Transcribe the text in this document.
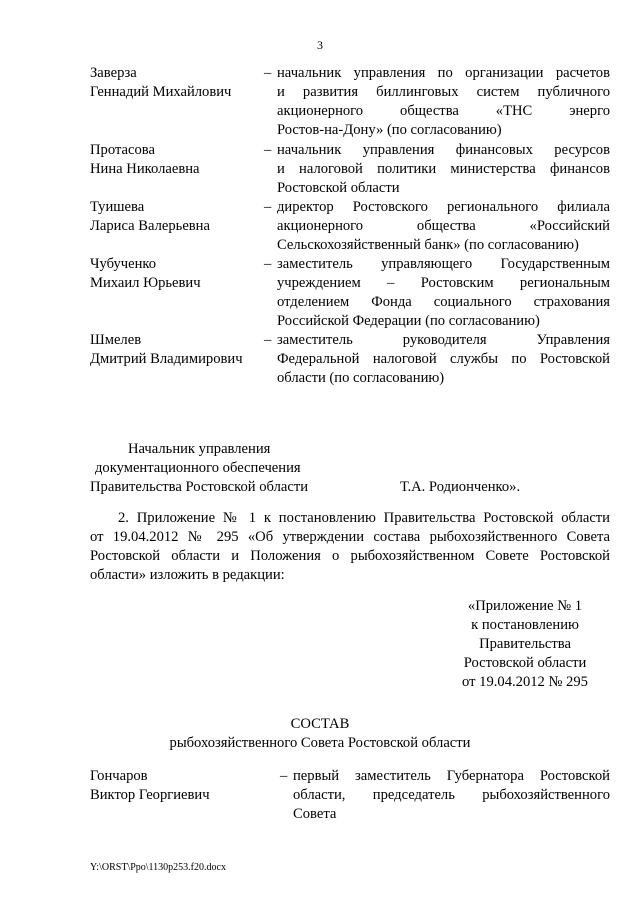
3
Заверза
Геннадий Михайлович
– начальник управления по организации расчетов
и развития биллинговых систем публичного
акционерного общества «ТНС энерго
Ростов-на-Дону» (по согласованию)
Протасова
Нина Николаевна
– начальник управления финансовых ресурсов
и налоговой политики министерства финансов
Ростовской области
Туишева
Лариса Валерьевна
– директор Ростовского регионального филиала
акционерного общества «Российский
Сельскохозяйственный банк» (по согласованию)
Чубученко
Михаил Юрьевич
– заместитель управляющего Государственным
учреждением – Ростовским региональным
отделением Фонда социального страхования
Российской Федерации (по согласованию)
Шмелев
Дмитрий Владимирович
– заместитель руководителя Управления
Федеральной налоговой службы по Ростовской
области (по согласованию)
Начальник управления
документационного обеспечения
Правительства Ростовской области	Т.А. Родионченко».
2. Приложение № 1 к постановлению Правительства Ростовской области
от 19.04.2012 № 295 «Об утверждении состава рыбохозяйственного Совета
Ростовской области и Положения о рыбохозяйственном Совете Ростовской
области» изложить в редакции:
«Приложение № 1
к постановлению
Правительства
Ростовской области
от 19.04.2012 № 295
СОСТАВ
рыбохозяйственного Совета Ростовской области
Гончаров
Виктор Георгиевич
– первый заместитель Губернатора Ростовской
области, председатель рыбохозяйственного
Совета
Y:\ORST\Ppo\1130p253.f20.docx
